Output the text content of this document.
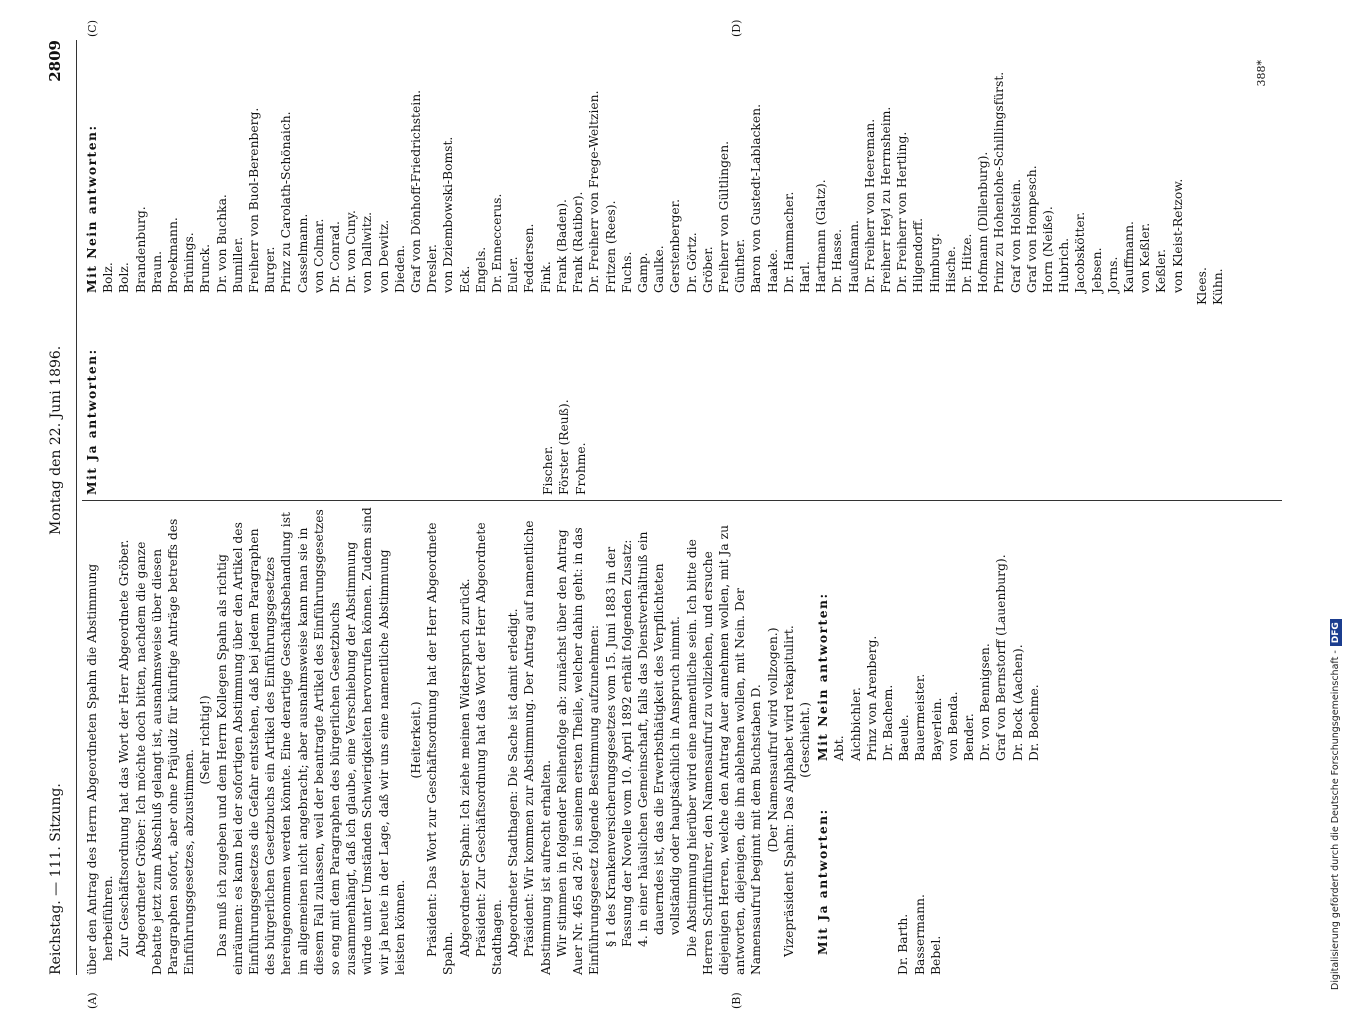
Reichstag. — 111. Sitzung.
Montag den 22. Juni 1896.
2809
(A)	(B)
(C)	(D)

über den Antrag des Herrn Abgeordneten Spahn die Abstimmung herbeiführen. Zur Geschäftsordnung hat das Wort der Herr Abgeordnete Gröber. Abgeordneter Gröber: Ich möchte doch bitten, nachdem die ganze Debatte jetzt zum Abschluß gelangt ist, ausnahmsweise über diesen Paragraphen sofort, aber ohne Präjudiz für künftige Anträge betreffs des Einführungsgesetzes, abzustimmen.

(Sehr richtig!) Das muß ich zugeben und dem Herrn Kollegen Spahn als richtig einräumen: es kann bei der sofortigen Abstimmung über den Artikel des Einführungsgesetzes die Gefahr entstehen, daß bei jedem Paragraphen des bürgerlichen Gesetzbuchs ein Artikel des Einführungsgesetzes hereingenommen werden könnte. Eine derartige Geschäftsbehandlung ist im allgemeinen nicht angebracht; aber ausnahmsweise kann man sie in diesem Fall zulassen, weil der beantragte Artikel des Einführungsgesetzes so eng mit dem Paragraphen des bürgerlichen Gesetzbuchs zusammenhängt, daß ich glaube, eine Verschiebung der Abstimmung würde unter Umständen Schwierigkeiten hervorrufen können. Zudem sind wir ja heute in der Lage, daß wir uns eine namentliche Abstimmung leisten können.

(Heiterkeit.) Präsident: Das Wort zur Geschäftsordnung hat der Herr Abgeordnete Spahn. Abgeordneter Spahn: Ich ziehe meinen Widerspruch zurück. Präsident: Zur Geschäftsordnung hat das Wort der Herr Abgeordnete Stadthagen. Abgeordneter Stadthagen: Die Sache ist damit erledigt. Präsident: Wir kommen zur Abstimmung. Der Antrag auf namentliche Abstimmung ist aufrecht erhalten. Wir stimmen in folgender Reihenfolge ab: zunächst über den Antrag Auer Nr. 465 ad 26¹ in seinem ersten Theile, welcher dahin geht: in das Einführungsgesetz folgende Bestimmung aufzunehmen: § 1 des Krankenversicherungsgesetzes vom 15. Juni 1883 in der Fassung der Novelle vom 10. April 1892 erhält folgenden Zusatz: 4. in einer häuslichen Gemeinschaft, falls das Dienstverhältniß ein dauerndes ist, das die Erwerbsthätigkeit des Verpflichteten vollständig oder hauptsächlich in Anspruch nimmt. Die Abstimmung hierüber wird eine namentliche sein. Ich bitte die Herren Schriftführer, den Namensaufruf zu vollziehen, und ersuche diejenigen Herren, welche den Antrag Auer annehmen wollen, mit Ja zu antworten, diejenigen, die ihn ablehnen wollen, mit Nein. Der Namensaufruf beginnt mit dem Buchstaben D. (Der Namensaufruf wird vollzogen.) Vizepräsident Spahn: Das Alphabet wird rekapitulirt. (Geschieht.)

Mit Ja antworten:	Dr. Barth. Bassermann. Bebel.
Mit Nein antworten: Abt. Aichbichler. Prinz von Arenberg. Dr. Bachem. Baeule. Bauermeister. Bayerlein. von Benda. Bender. Dr. von Bennigsen. Graf von Bernstorff (Lauenburg). Dr. Bock (Aachen). Dr. Boehme.
Mit Ja antworten:	Fischer. Förster (Reuß). Frohme.
Mit Nein antworten: Bolz. Bolz. Brandenburg. Braun. Broekmann. Brünings. Brunck. Dr. von Buchka. Bumiller. Freiherr von Buol-Berenberg. Burger. Prinz zu Carolath-Schönaich. Casselmann. von Colmar. Dr. Conrad. Dr. von Cuny. von Dallwitz. von Dewitz. Dieden. Graf von Dönhoff-Friedrichstein. Dresler. von Dziembowski-Bomst. Eck. Engels. Dr. Enneccerus. Euler. Feddersen. Fink. Frank (Baden). Frank (Ratibor). Dr. Freiherr von Frege-Weltzien. Fritzen (Rees). Fuchs. Gamp. Gaulke. Gerstenberger. Dr. Görtz. Gröber. Freiherr von Gültlingen. Günther. Baron von Gustedt-Lablacken. Haake. Dr. Hammacher. Harl. Hartmann (Glatz). Dr. Hasse. Haußmann. Dr. Freiherr von Heereman. Freiherr Heyl zu Herrnsheim. Dr. Freiherr von Hertling. Hilgendorff. Himburg. Hische. Dr. Hitze. Hofmann (Dillenburg). Prinz zu Hohenlohe-Schillingsfürst. Graf von Holstein. Graf von Hompesch. Horn (Neiße). Hubrich. Jacobskötter. Jebsen. Jorns. Kauffmann. von Keßler. Keßler. von Kleist-Retzow. Klees. Kühn.
388*
Digitalisierung gefördert durch die Deutsche Forschungsgemeinschaft -DFG
